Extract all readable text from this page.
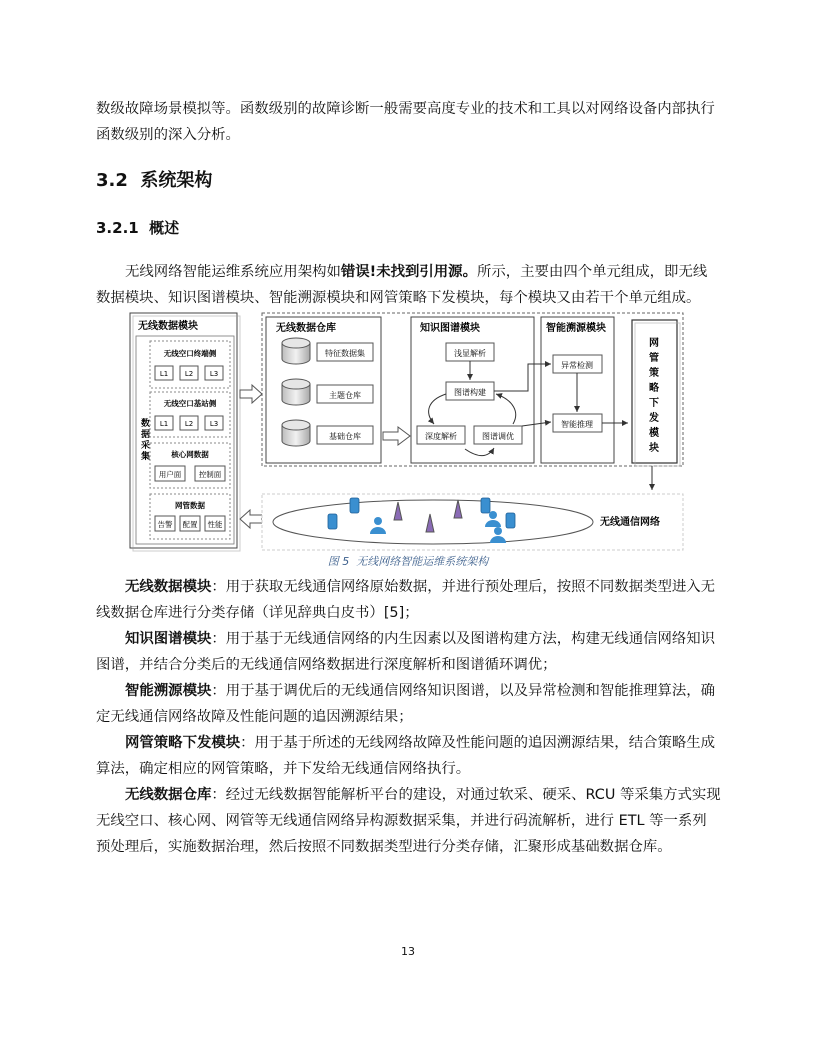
数级故障场景模拟等。函数级别的故障诊断一般需要高度专业的技术和工具以对网络设备内部执行函数级别的深入分析。

3.2  系统架构
3.2.1  概述

无线网络智能运维系统应用架构如错误!未找到引用源。所示，主要由四个单元组成，即无线数据模块、知识图谱模块、智能溯源模块和网管策略下发模块，每个模块又由若干个单元组成。

无线数据模块
数
据
采
集
无线空口终端侧
L1 L2 L3
无线空口基站侧
L1 L2 L3
核心网数据
用户面 控制面
网管数据
告警 配置 性能
无线数据仓库
特征数据集
主题仓库
基础仓库
知识图谱模块
浅显解析
图谱构建
深度解析	图谱调优
智能溯源模块
异常检测
智能推理
网
管
策
略
下
发
模
块
无线通信网络
图 5  无线网络智能运维系统架构

无线数据模块：用于获取无线通信网络原始数据，并进行预处理后，按照不同数据类型进入无线数据仓库进行分类存储（详见辞典白皮书）[5]；

知识图谱模块：用于基于无线通信网络的内生因素以及图谱构建方法，构建无线通信网络知识图谱，并结合分类后的无线通信网络数据进行深度解析和图谱循环调优；

智能溯源模块：用于基于调优后的无线通信网络知识图谱，以及异常检测和智能推理算法，确定无线通信网络故障及性能问题的追因溯源结果；

网管策略下发模块：用于基于所述的无线网络故障及性能问题的追因溯源结果，结合策略生成算法，确定相应的网管策略，并下发给无线通信网络执行。

无线数据仓库：经过无线数据智能解析平台的建设，对通过软采、硬采、RCU 等采集方式实现无线空口、核心网、网管等无线通信网络异构源数据采集，并进行码流解析，进行 ETL 等一系列预处理后，实施数据治理，然后按照不同数据类型进行分类存储，汇聚形成基础数据仓库。

13
